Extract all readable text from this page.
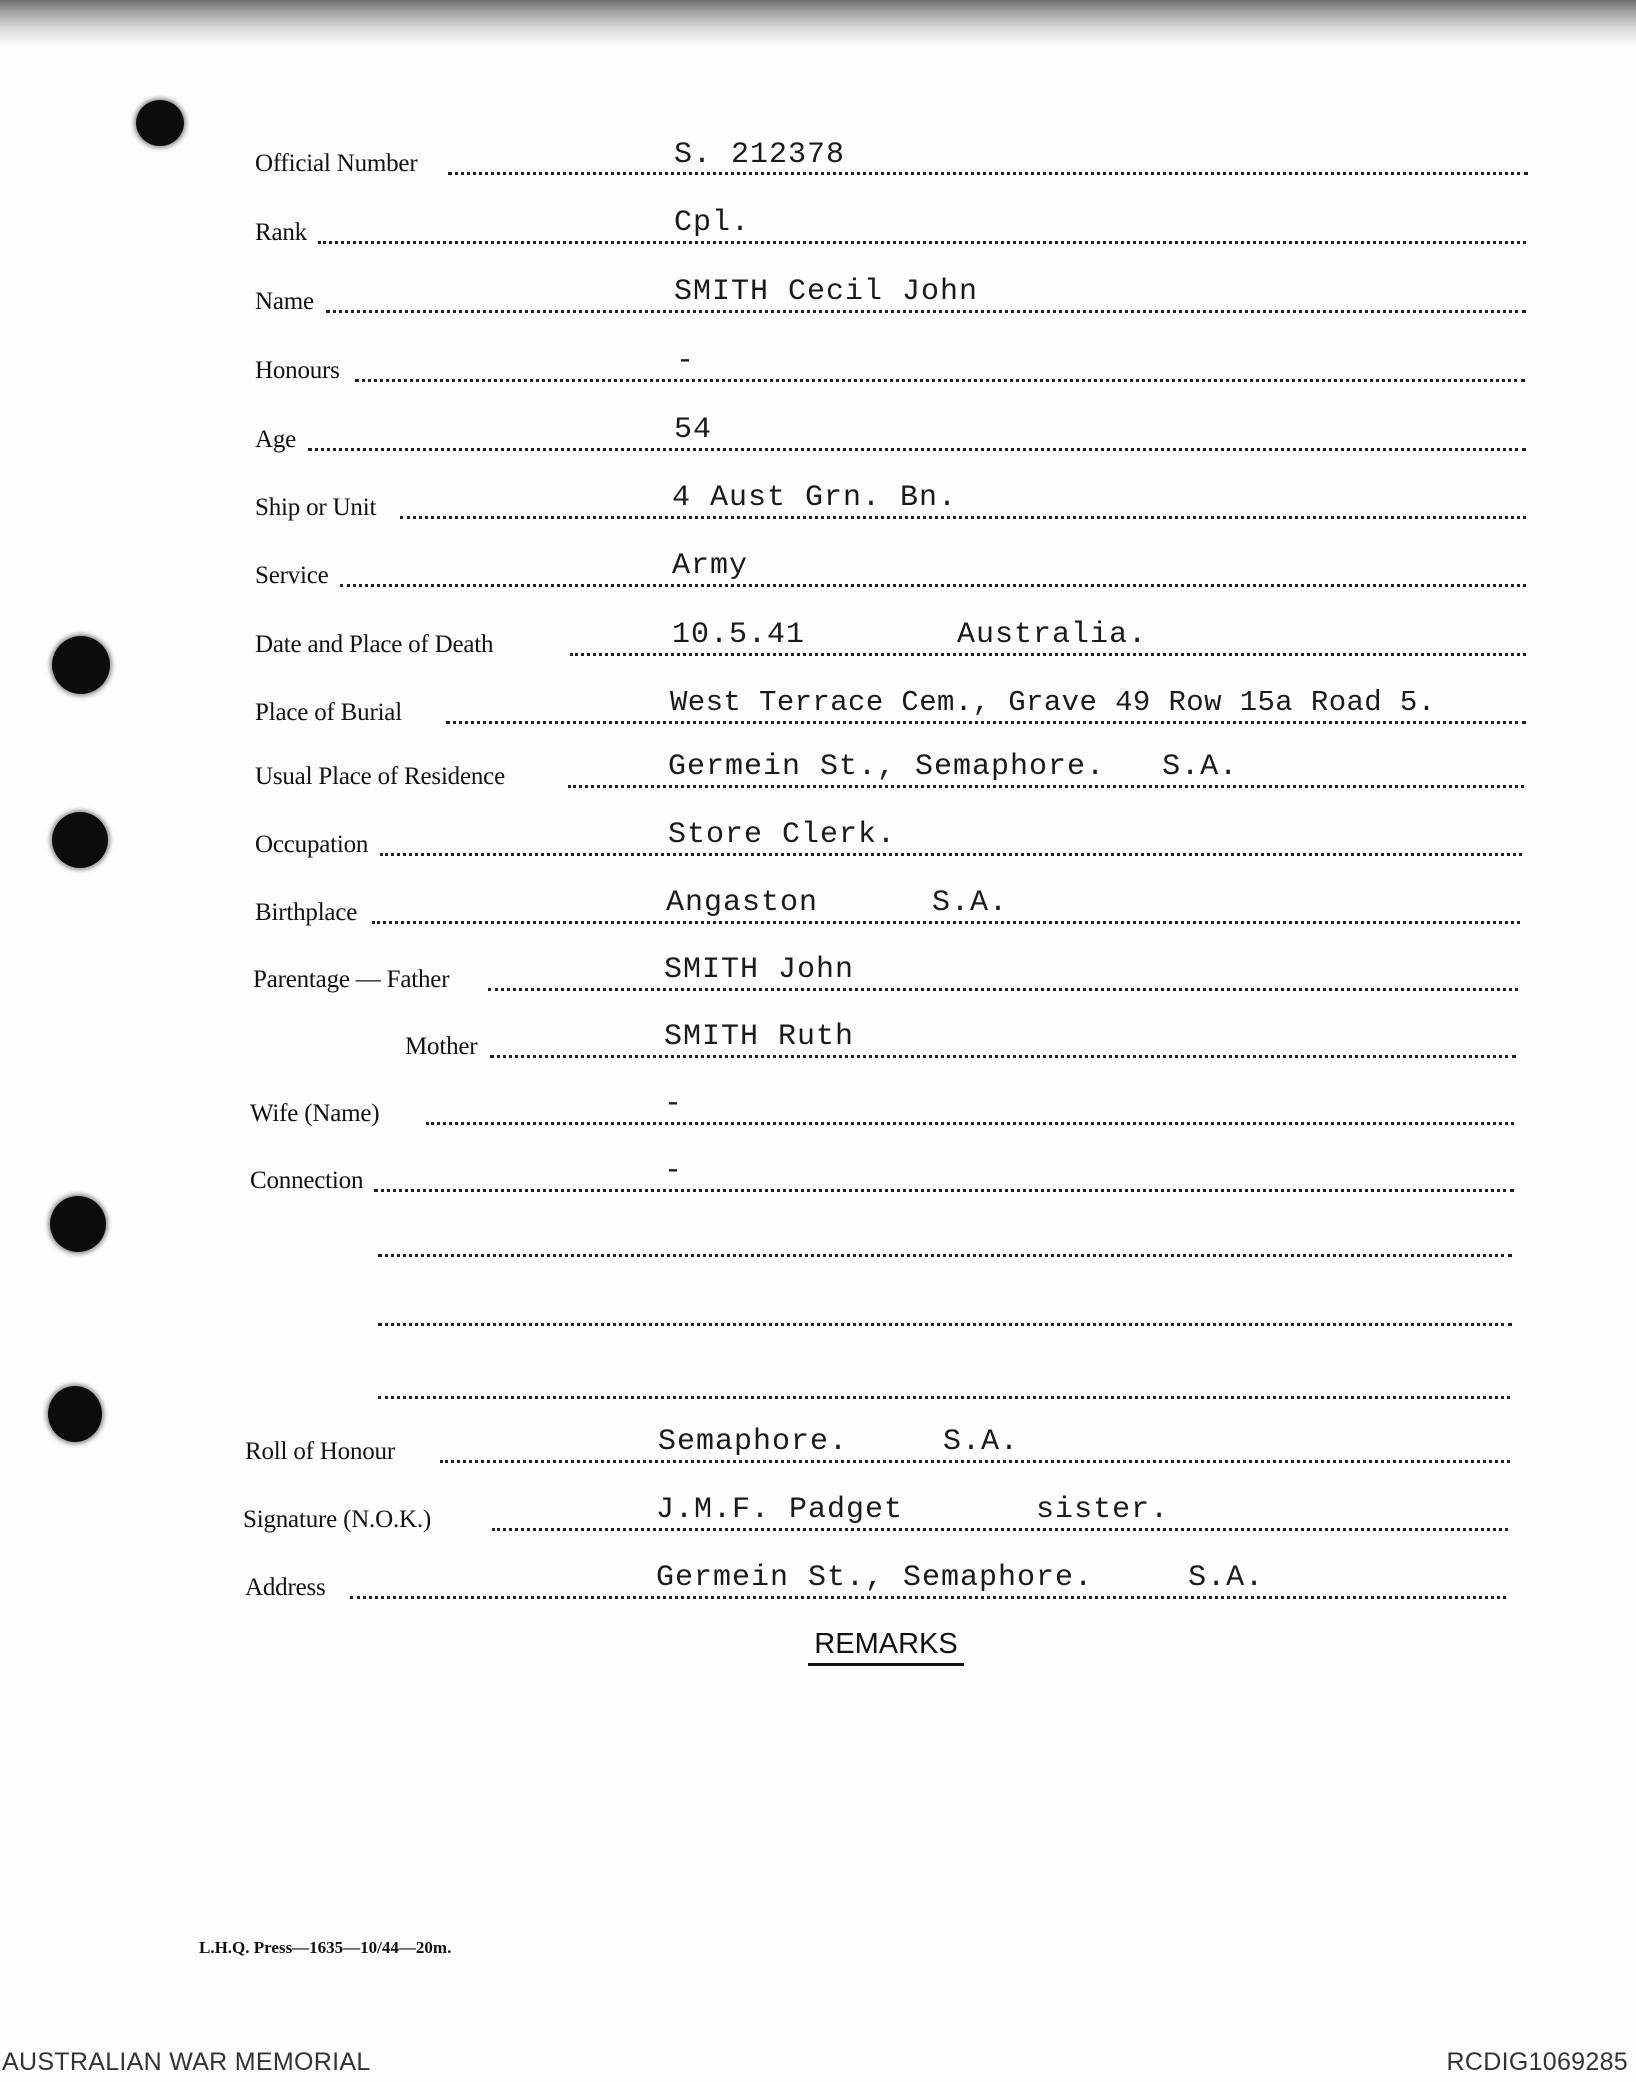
Official Number	S. 212378
Rank	Cpl.
Name	SMITH Cecil John
Honours	-
Age	54
Ship or Unit	4 Aust Grn. Bn.
Service	Army
Date and Place of Death	10.5.41        Australia.
Place of Burial	West Terrace Cem., Grave 49 Row 15a Road 5.
Usual Place of Residence	Germein St., Semaphore.   S.A.
Occupation	Store Clerk.
Birthplace	Angaston      S.A.
Parentage — Father	SMITH John
Mother	SMITH Ruth
Wife (Name)	-
Connection	-
Roll of Honour	Semaphore.     S.A.
Signature (N.O.K.)	J.M.F. Padget       sister.
Address	Germein St., Semaphore.     S.A.
REMARKS
L.H.Q. Press—1635—10/44—20m.
AUSTRALIAN WAR MEMORIAL	RCDIG1069285
